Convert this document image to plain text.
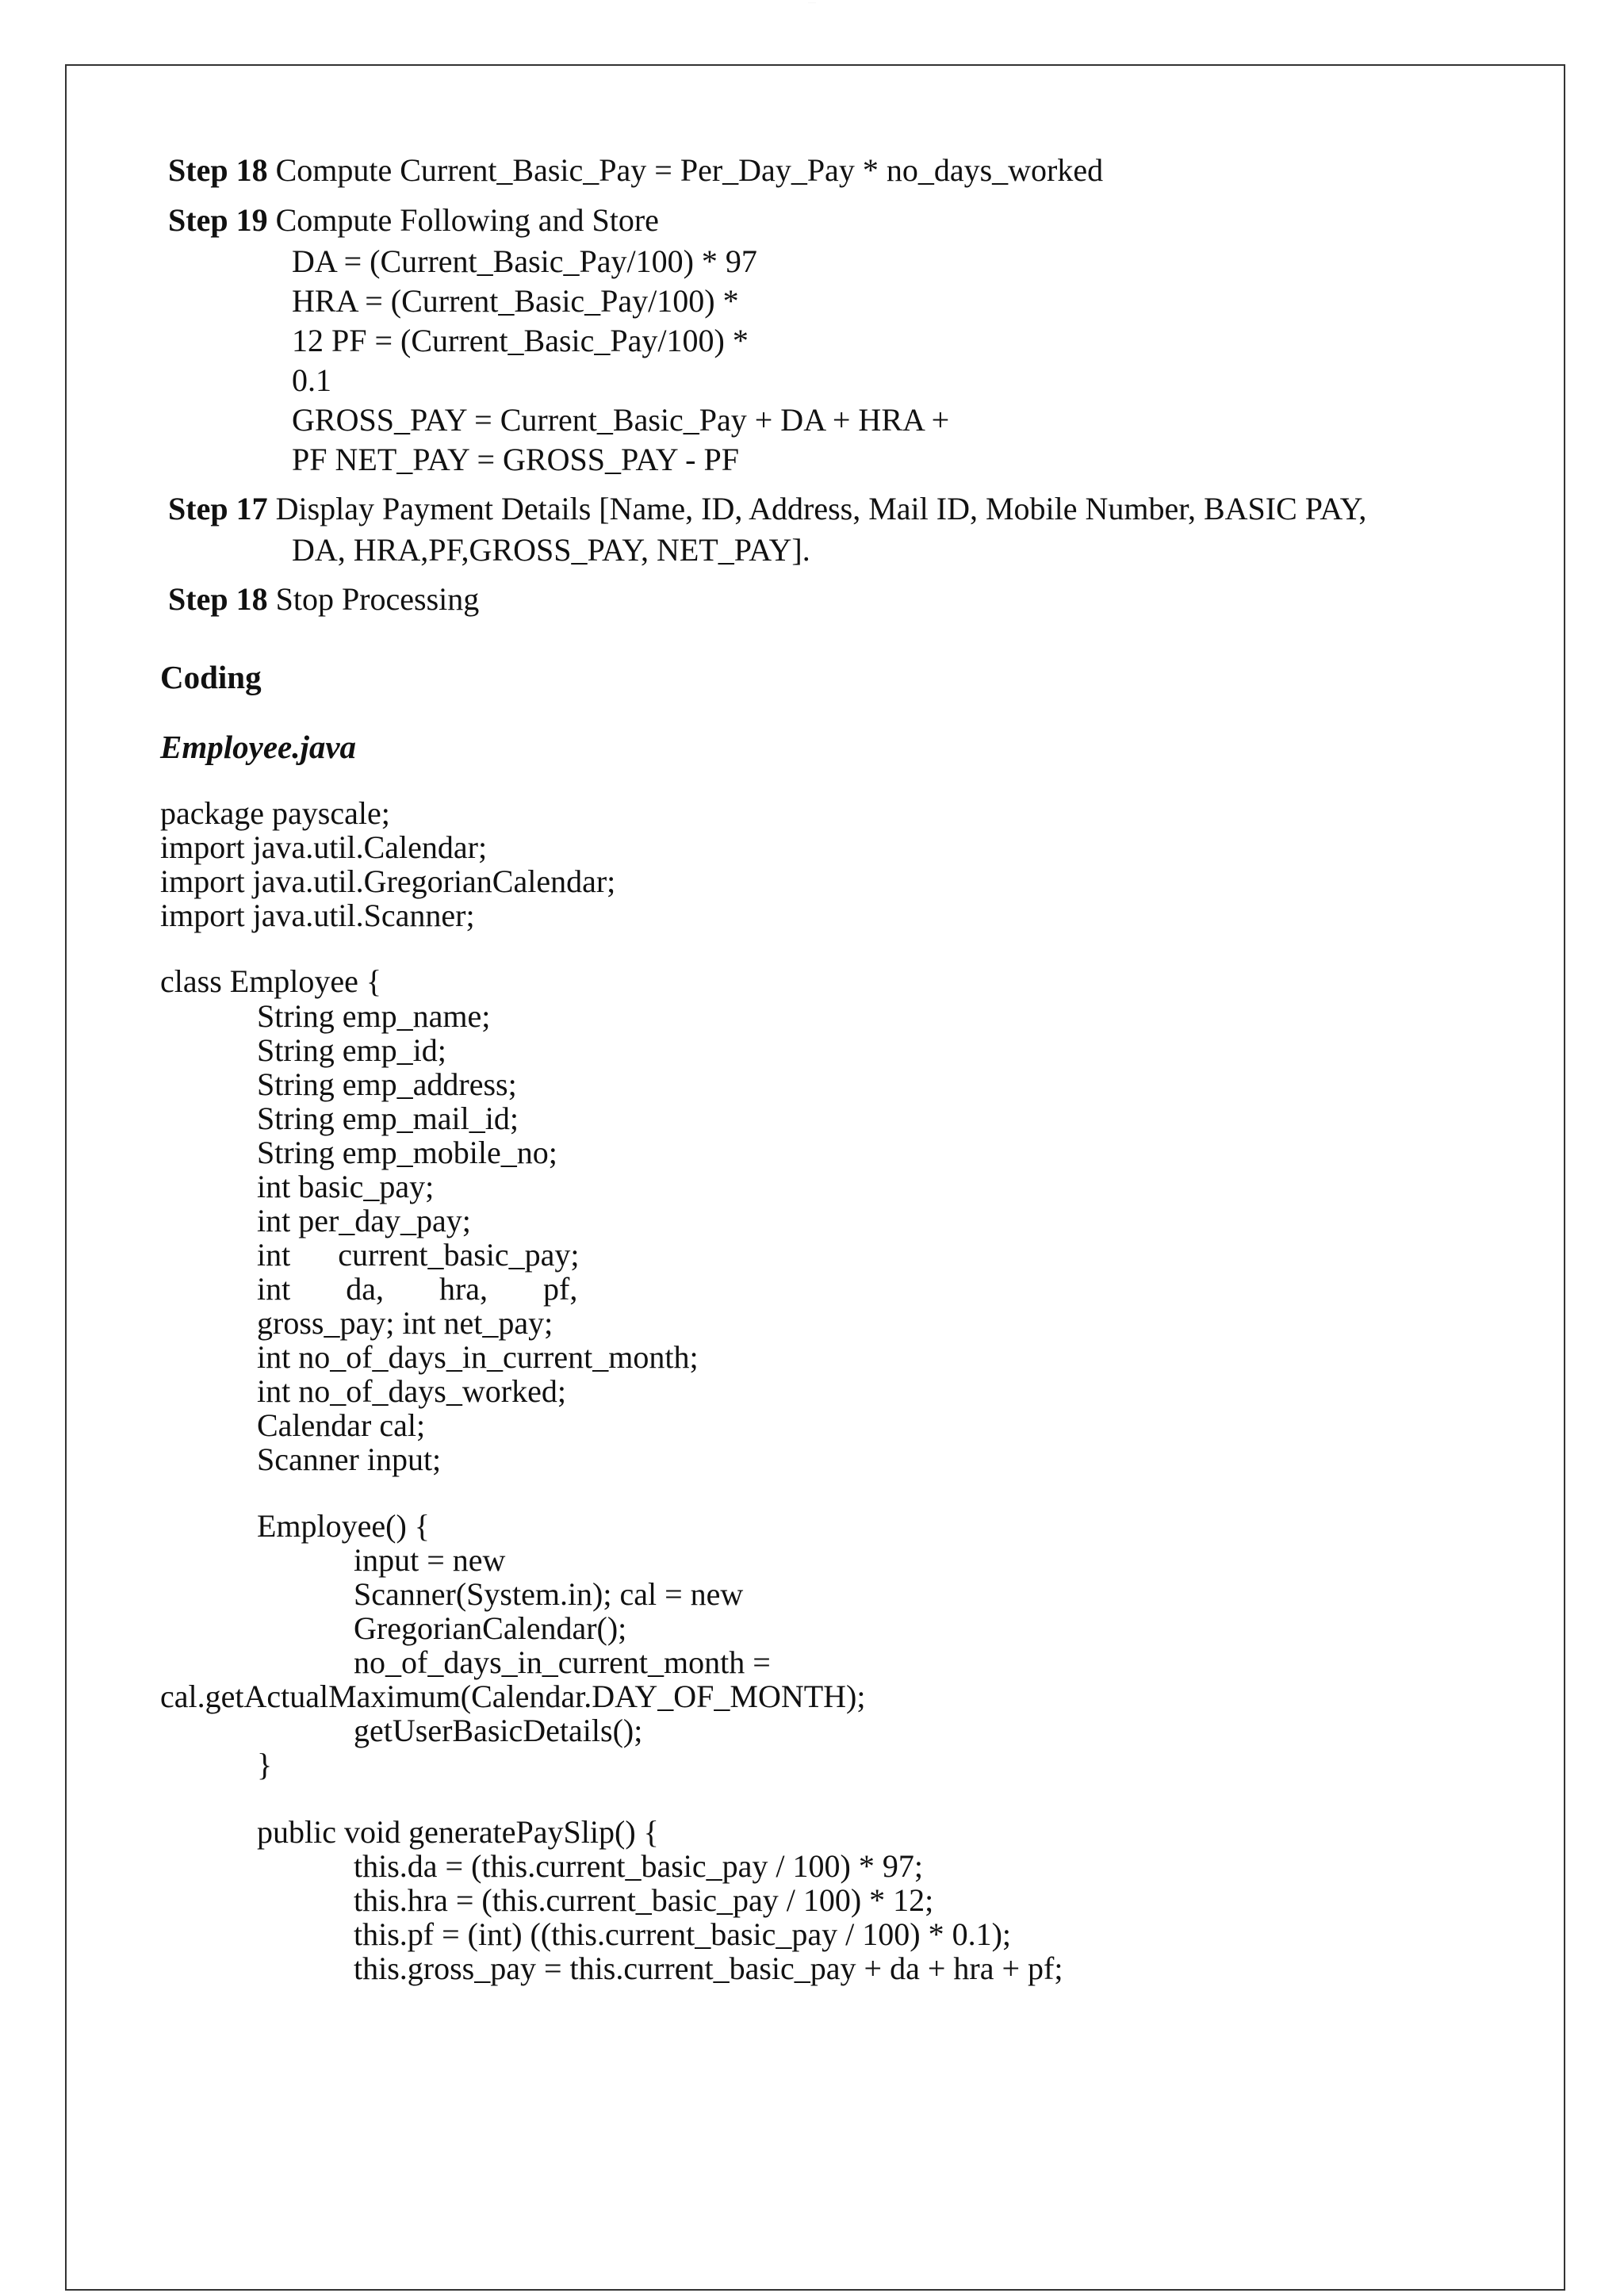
··········
Step 18 Compute Current_Basic_Pay = Per_Day_Pay * no_days_worked
Step 19 Compute Following and Store
DA = (Current_Basic_Pay/100) * 97
HRA = (Current_Basic_Pay/100) *
12 PF = (Current_Basic_Pay/100) *
0.1
GROSS_PAY = Current_Basic_Pay + DA + HRA +
PF NET_PAY = GROSS_PAY - PF
Step 17 Display Payment Details [Name, ID, Address, Mail ID, Mobile Number, BASIC PAY,
DA, HRA,PF,GROSS_PAY, NET_PAY].
Step 18 Stop Processing
Coding
Employee.java
package payscale;
import java.util.Calendar;
import java.util.GregorianCalendar;
import java.util.Scanner;
class Employee {
String emp_name;
String emp_id;
String emp_address;
String emp_mail_id;
String emp_mobile_no;
int basic_pay;
int per_day_pay;
int      current_basic_pay;
int       da,       hra,       pf,
gross_pay; int net_pay;
int no_of_days_in_current_month;
int no_of_days_worked;
Calendar cal;
Scanner input;
Employee() {
input = new
Scanner(System.in); cal = new
GregorianCalendar();
no_of_days_in_current_month =
cal.getActualMaximum(Calendar.DAY_OF_MONTH);
getUserBasicDetails();
}
public void generatePaySlip() {
this.da = (this.current_basic_pay / 100) * 97;
this.hra = (this.current_basic_pay / 100) * 12;
this.pf = (int) ((this.current_basic_pay / 100) * 0.1);
this.gross_pay = this.current_basic_pay + da + hra + pf;
